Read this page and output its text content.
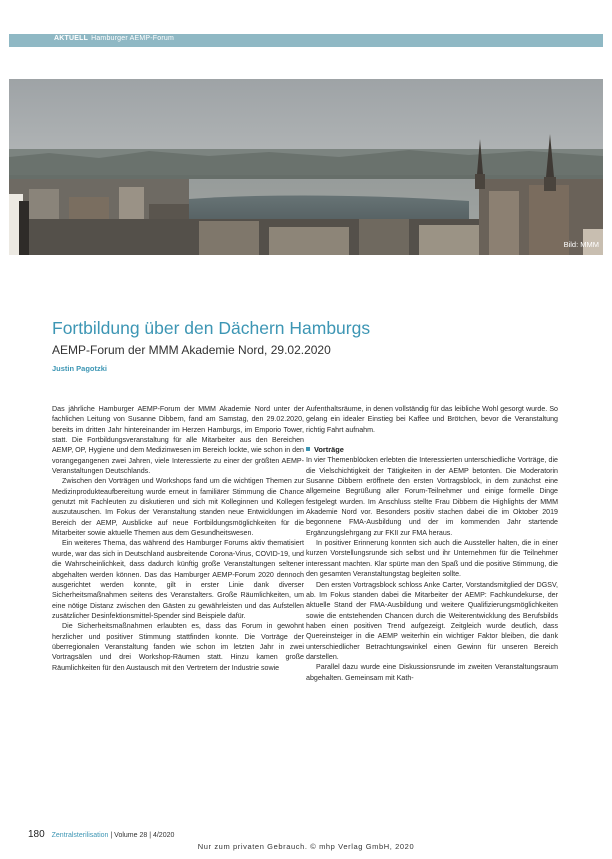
AKTUELL Hamburger AEMP-Forum
Bild: MMM
Fortbildung über den Dächern Hamburgs
AEMP-Forum der MMM Akademie Nord, 29.02.2020
Justin Pagotzki

Das jährliche Hamburger AEMP-Forum der MMM Akademie Nord unter der fachlichen Leitung von Susanne Dibbern, fand am Samstag, den 29.02.2020, bereits im dritten Jahr hintereinander im Herzen Hamburgs, im Emporio Tower, statt. Die Fortbildungsveranstaltung für alle Mitarbeiter aus den Bereichen AEMP, OP, Hygiene und dem Medizinwesen im Bereich lockte, wie schon in den vorangegangenen zwei Jahren, viele Interessierte zu einer der größten AEMP-Veranstaltungen Deutschlands.

Zwischen den Vorträgen und Workshops fand um die wichtigen Themen zur Medizinprodukteaufbereitung wurde erneut in familiärer Stimmung die Chance genutzt mit Fachleuten zu diskutieren und sich mit Kolleginnen und Kollegen auszutauschen. Im Fokus der Veranstaltung standen neue Entwicklungen im Bereich der AEMP, Ausblicke auf neue Fortbildungsmöglichkeiten für die Mitarbeiter sowie aktuelle Themen aus dem Gesundheitswesen.

Ein weiteres Thema, das während des Hamburger Forums aktiv thematisiert wurde, war das sich in Deutschland ausbreitende Corona-Virus, COVID-19, und die Wahrscheinlichkeit, dass dadurch künftig große Veranstaltungen seltener abgehalten werden können. Das das Hamburger AEMP-Forum 2020 dennoch ausgerichtet werden konnte, gilt in erster Linie dank diverser Sicherheitsmaßnahmen seitens des Veranstalters. Große Räumlichkeiten, um eine nötige Distanz zwischen den Gästen zu gewährleisten und das Aufstellen zusätzlicher Desinfektionsmittel-Spender sind Beispiele dafür.

Die Sicherheitsmaßnahmen erlaubten es, dass das Forum in gewohnt herzlicher und positiver Stimmung stattfinden konnte. Die Vorträge der überregionalen Veranstaltung fanden wie schon im letzten Jahr in zwei Vortragsälen und drei Workshop-Räumen statt. Hinzu kamen große Räumlichkeiten für den Austausch mit den Vertretern der Industrie sowie

Aufenthaltsräume, in denen vollständig für das leibliche Wohl gesorgt wurde. So gelang ein idealer Einstieg bei Kaffee und Brötchen, bevor die Veranstaltung richtig Fahrt aufnahm.

Vorträge

In vier Themenblöcken erlebten die Interessierten unterschiedliche Vorträge, die die Vielschichtigkeit der Tätigkeiten in der AEMP betonten. Die Moderatorin Susanne Dibbern eröffnete den ersten Vortragsblock, in dem zunächst eine allgemeine Begrüßung aller Forum-Teilnehmer und einige formelle Dinge festgelegt wurden. Im Anschluss stellte Frau Dibbern die Highlights der MMM Akademie Nord vor. Besonders positiv stachen dabei die im Oktober 2019 begonnene FMA-Ausbildung und der im kommenden Jahr startende Ergänzungslehrgang zur FKII zur FMA heraus.

In positiver Erinnerung konnten sich auch die Aussteller halten, die in einer kurzen Vorstellungsrunde sich selbst und ihr Unternehmen für die Teilnehmer interessant machten. Klar spürte man den Spaß und die positive Stimmung, die den gesamten Veranstaltungstag begleiten sollte.

Den ersten Vortragsblock schloss Anke Carter, Vorstandsmitglied der DGSV, ab. Im Fokus standen dabei die Mitarbeiter der AEMP: Fachkundekurse, der aktuelle Stand der FMA-Ausbildung und weitere Qualifizierungsmöglichkeiten sowie die entstehenden Chancen durch die Weiterentwicklung des Berufsbilds haben einen positiven Trend aufgezeigt. Zeitgleich wurde deutlich, dass Quereinsteiger in die AEMP weiterhin ein wichtiger Faktor bleiben, die dank unterschiedlicher Betrachtungswinkel einen Gewinn für unseren Bereich darstellen.

Parallel dazu wurde eine Diskussionsrunde im zweiten Veranstaltungsraum abgehalten. Gemeinsam mit Kath-

180 Zentralsterilisation | Volume 28 | 4/2020
Nur zum privaten Gebrauch. © mhp Verlag GmbH, 2020
